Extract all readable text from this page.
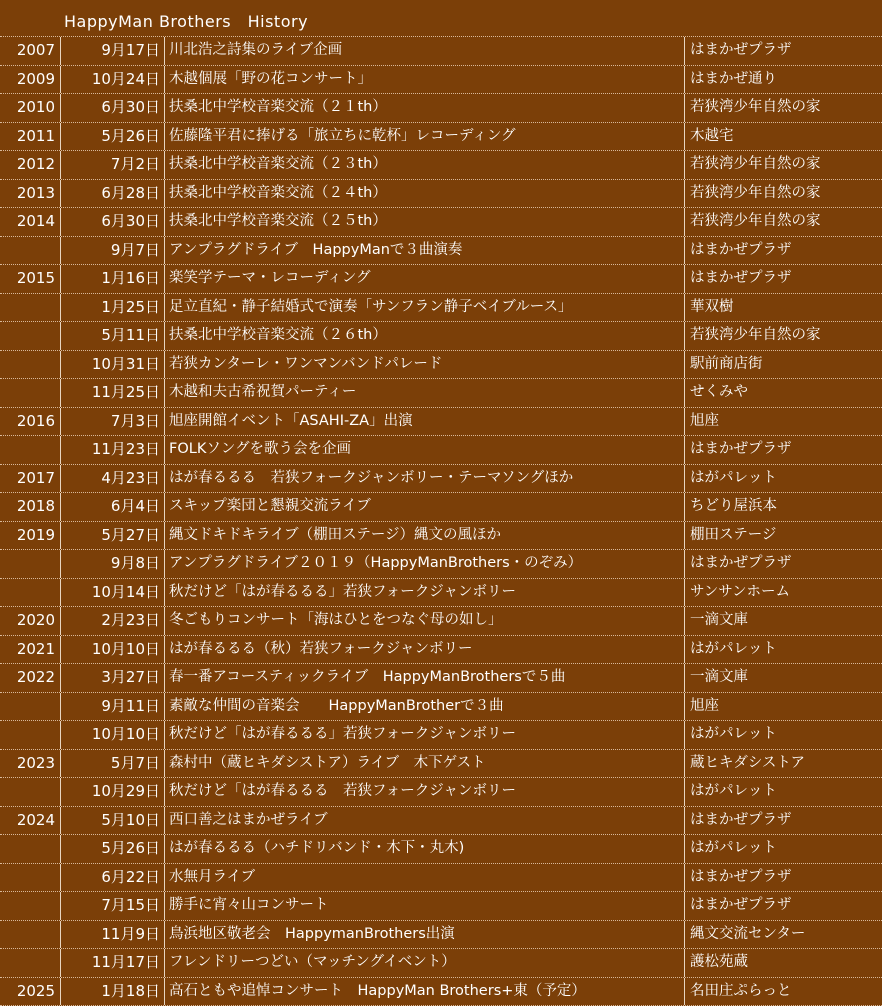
HappyMan Brothers　History
2007	9月17日 川北浩之詩集のライブ企画	はまかぜプラザ
2009	10月24日 木越個展「野の花コンサート」	はまかぜ通り
2010	6月30日 扶桑北中学校音楽交流（２１th）	若狭湾少年自然の家
2011	5月26日 佐藤隆平君に捧げる「旅立ちに乾杯」レコーディング	木越宅
2012	7月2日 扶桑北中学校音楽交流（２３th）	若狭湾少年自然の家
2013	6月28日 扶桑北中学校音楽交流（２４th）	若狭湾少年自然の家
2014	6月30日 扶桑北中学校音楽交流（２５th）	若狭湾少年自然の家
9月7日 アンプラグドライブ　HappyManで３曲演奏	はまかぜプラザ
2015	1月16日 楽笑学テーマ・レコーディング	はまかぜプラザ
1月25日 足立直紀・静子結婚式で演奏「サンフラン静子ベイブルース」	華双樹
5月11日 扶桑北中学校音楽交流（２６th）	若狭湾少年自然の家
10月31日 若狭カンターレ・ワンマンバンドパレード	駅前商店街
11月25日 木越和夫古希祝賀パーティー	せくみや
2016	7月3日 旭座開館イベント「ASAHI-ZA」出演	旭座
11月23日 FOLKソングを歌う会を企画	はまかぜプラザ
2017	4月23日 はが春るるる　若狭フォークジャンボリー・テーマソングほか	はがパレット
2018	6月4日 スキップ楽団と懇親交流ライブ	ちどり屋浜本
2019	5月27日 縄文ドキドキライブ（棚田ステージ）縄文の風ほか	棚田ステージ
9月8日 アンプラグドライブ２０１９（HappyManBrothers・のぞみ）	はまかぜプラザ
10月14日 秋だけど「はが春るるる」若狭フォークジャンボリー	サンサンホーム
2020	2月23日 冬ごもりコンサート「海はひとをつなぐ母の如し」	一滴文庫
2021	10月10日 はが春るるる（秋）若狭フォークジャンボリー	はがパレット
2022	3月27日 春一番アコースティックライブ　HappyManBrothersで５曲	一滴文庫
9月11日 素敵な仲間の音楽会　　HappyManBrotherで３曲	旭座
10月10日 秋だけど「はが春るるる」若狭フォークジャンボリー	はがパレット
2023	5月7日 森村中（蔵ヒキダシストア）ライブ　木下ゲスト	蔵ヒキダシストア
10月29日 秋だけど「はが春るるる　若狭フォークジャンボリー	はがパレット
2024	5月10日 西口善之はまかぜライブ	はまかぜプラザ
5月26日 はが春るるる（ハチドリバンド・木下・丸木)	はがパレット
6月22日 水無月ライブ	はまかぜプラザ
7月15日 勝手に宵々山コンサート	はまかぜプラザ
11月9日 鳥浜地区敬老会　HappymanBrothers出演	縄文交流センター
11月17日 フレンドリーつどい（マッチングイベント）	護松苑蔵
2025	1月18日 高石ともや追悼コンサート　HappyMan Brothers+東（予定）	名田庄ぷらっと
